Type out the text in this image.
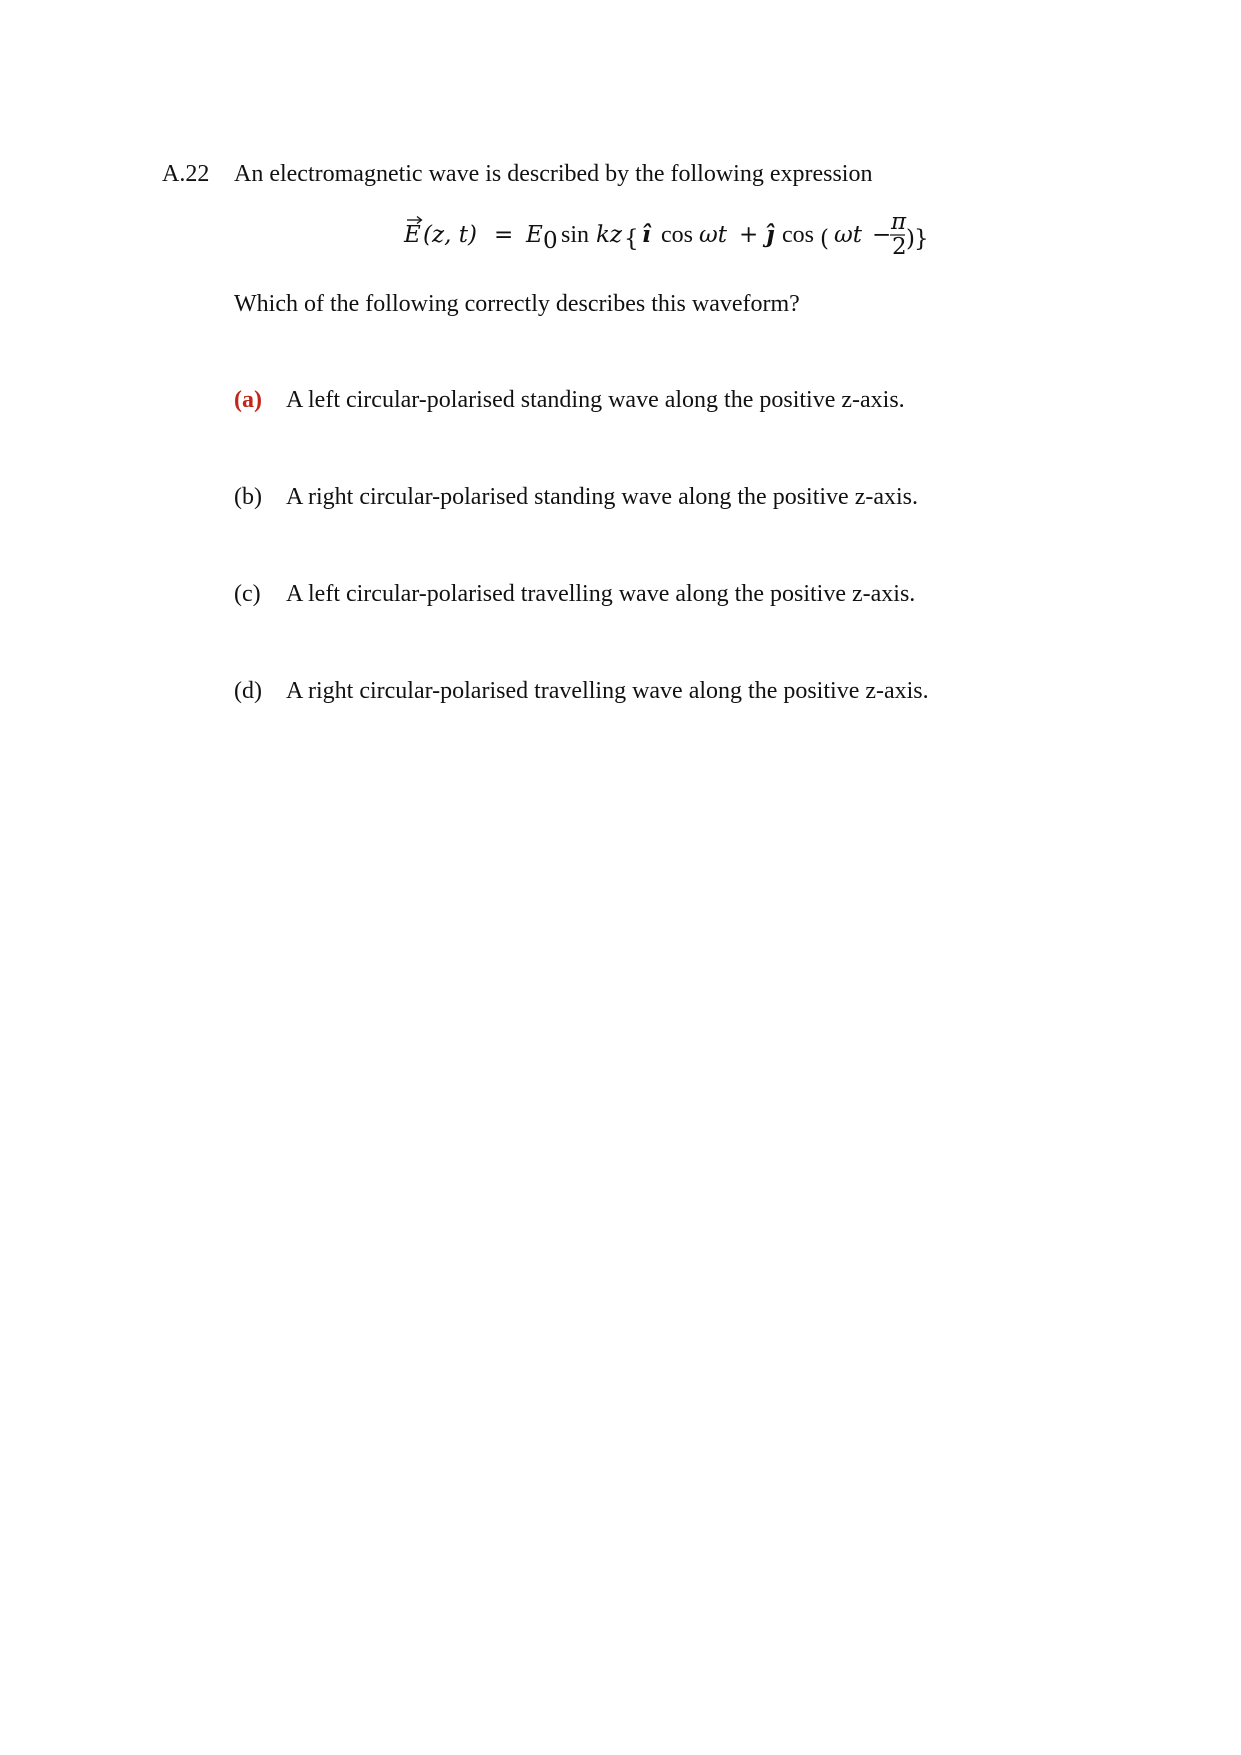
A.22 An electromagnetic wave is described by the following expression
E (z, t) = E 0 sin kz { î cos ωt + ĵ cos ( ωt − π
2 ) }
Which of the following correctly describes this waveform?
(a)	A left circular-polarised standing wave along the positive z-axis.
(b)	A right circular-polarised standing wave along the positive z-axis.
(c)	A left circular-polarised travelling wave along the positive z-axis.
(d)	A right circular-polarised travelling wave along the positive z-axis.
